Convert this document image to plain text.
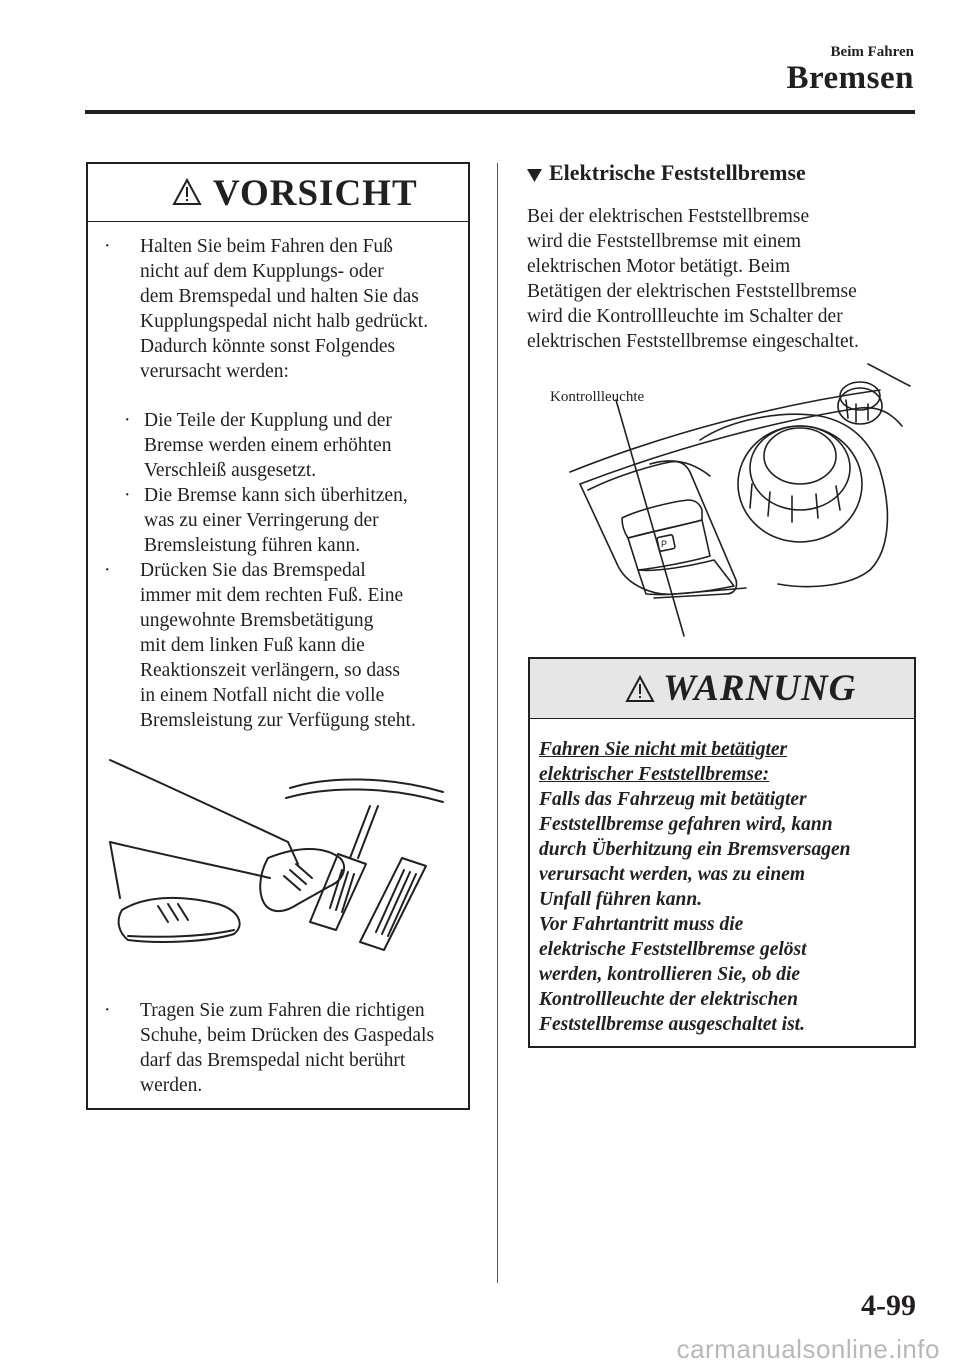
Beim Fahren
Bremsen
VORSICHT
· Halten Sie beim Fahren den Fuß
nicht auf dem Kupplungs- oder
dem Bremspedal und halten Sie das
Kupplungspedal nicht halb gedrückt.
Dadurch könnte sonst Folgendes
verursacht werden:
· Die Teile der Kupplung und der
Bremse werden einem erhöhten
Verschleiß ausgesetzt.
· Die Bremse kann sich überhitzen,
was zu einer Verringerung der
Bremsleistung führen kann.
· Drücken Sie das Bremspedal
immer mit dem rechten Fuß. Eine
ungewohnte Bremsbetätigung
mit dem linken Fuß kann die
Reaktionszeit verlängern, so dass
in einem Notfall nicht die volle
Bremsleistung zur Verfügung steht.
· Tragen Sie zum Fahren die richtigen
Schuhe, beim Drücken des Gaspedals
darf das Bremspedal nicht berührt
werden.
Elektrische Feststellbremse
Bei der elektrischen Feststellbremse
wird die Feststellbremse mit einem
elektrischen Motor betätigt. Beim
Betätigen der elektrischen Feststellbremse
wird die Kontrollleuchte im Schalter der
elektrischen Feststellbremse eingeschaltet.
P
Kontrollleuchte
WARNUNG
Fahren Sie nicht mit betätigter
elektrischer Feststellbremse:
Falls das Fahrzeug mit betätigter
Feststellbremse gefahren wird, kann
durch Überhitzung ein Bremsversagen
verursacht werden, was zu einem
Unfall führen kann.
Vor Fahrtantritt muss die
elektrische Feststellbremse gelöst
werden, kontrollieren Sie, ob die
Kontrollleuchte der elektrischen
Feststellbremse ausgeschaltet ist.
4-99
carmanualsonline.info
